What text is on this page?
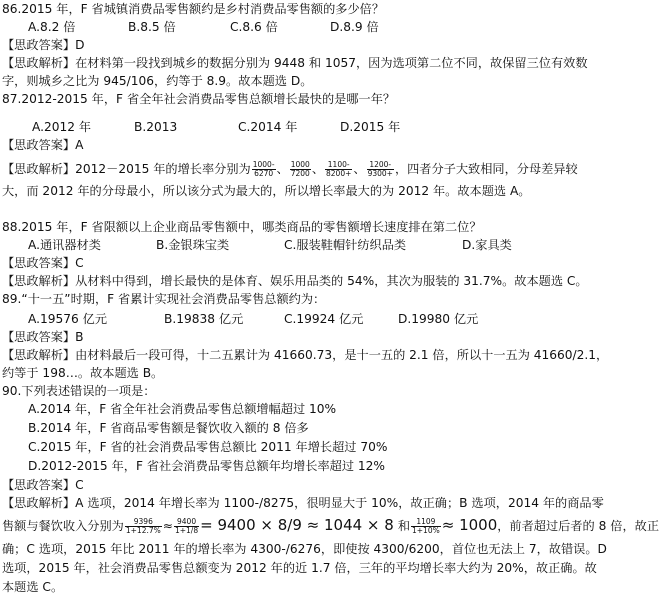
86.2015 年，F 省城镇消费品零售额约是乡村消费品零售额的多少倍？
A.8.2 倍	B.8.5 倍	C.8.6 倍	D.8.9 倍
【思政答案】D
【思政解析】在材料第一段找到城乡的数据分别为 9448 和 1057，因为选项第二位不同，故保留三位有效数
字，则城乡之比为 945/106，约等于 8.9。故本题选 D。
87.2012-2015 年，F 省全年社会消费品零售总额增长最快的是哪一年？
A.2012 年	B.2013	C.2014 年	D.2015 年
【思政答案】A
【思政解析】2012－2015 年的增长率分别为 $\frac{1000-}{6270}$ 、 $\frac{1000}{7200}$ 、 $\frac{1100-}{8200+}$ 、 $\frac{1200-}{9300+}$ ，四者分子大致相同，分母差异较
大，而 2012 年的分母最小，所以该分式为最大的，所以增长率最大的为 2012 年。故本题选 A。
88.2015 年，F 省限额以上企业商品零售额中，哪类商品的零售额增长速度排在第二位？
A.通讯器材类	B.金银珠宝类	C.服装鞋帽针纺织品类	D.家具类
【思政答案】C
【思政解析】从材料中得到，增长最快的是体育、娱乐用品类的 54%，其次为服装的 31.7%。故本题选 C。
89.“十一五”时期，F 省累计实现社会消费品零售总额约为：
A.19576 亿元	B.19838 亿元	C.19924 亿元	D.19980 亿元
【思政答案】B
【思政解析】由材料最后一段可得，十二五累计为 41660.73，是十一五的 2.1 倍，所以十一五为 41660/2.1，
约等于 198…。故本题选 B。
90.下列表述错误的一项是：
A.2014 年，F 省全年社会消费品零售总额增幅超过 10%
B.2014 年，F 省商品零售额是餐饮收入额的 8 倍多
C.2015 年，F 省的社会消费品零售总额比 2011 年增长超过 70%
D.2012-2015 年，F 省社会消费品零售总额年均增长率超过 12%
【思政答案】C
【思政解析】A 选项，2014 年增长率为 1100-/8275，很明显大于 10%，故正确；B 选项，2014 年的商品零
售额与餐饮收入分别为 $\frac{9396}{1+12.7\%} \approx \frac{9400}{1+1/8} = 9400 \times 8/9 \approx 1044 \times 8$ 和 $\frac{1109}{1+10\%} \approx 1000$，前者超过后者的 8 倍，故正
确；C 选项，2015 年比 2011 年的增长率为 4300-/6276，即使按 4300/6200，首位也无法上 7，故错误。D
选项，2015 年，社会消费品零售总额变为 2012 年的近 1.7 倍，三年的平均增长率大约为 20%，故正确。故
本题选 C。
